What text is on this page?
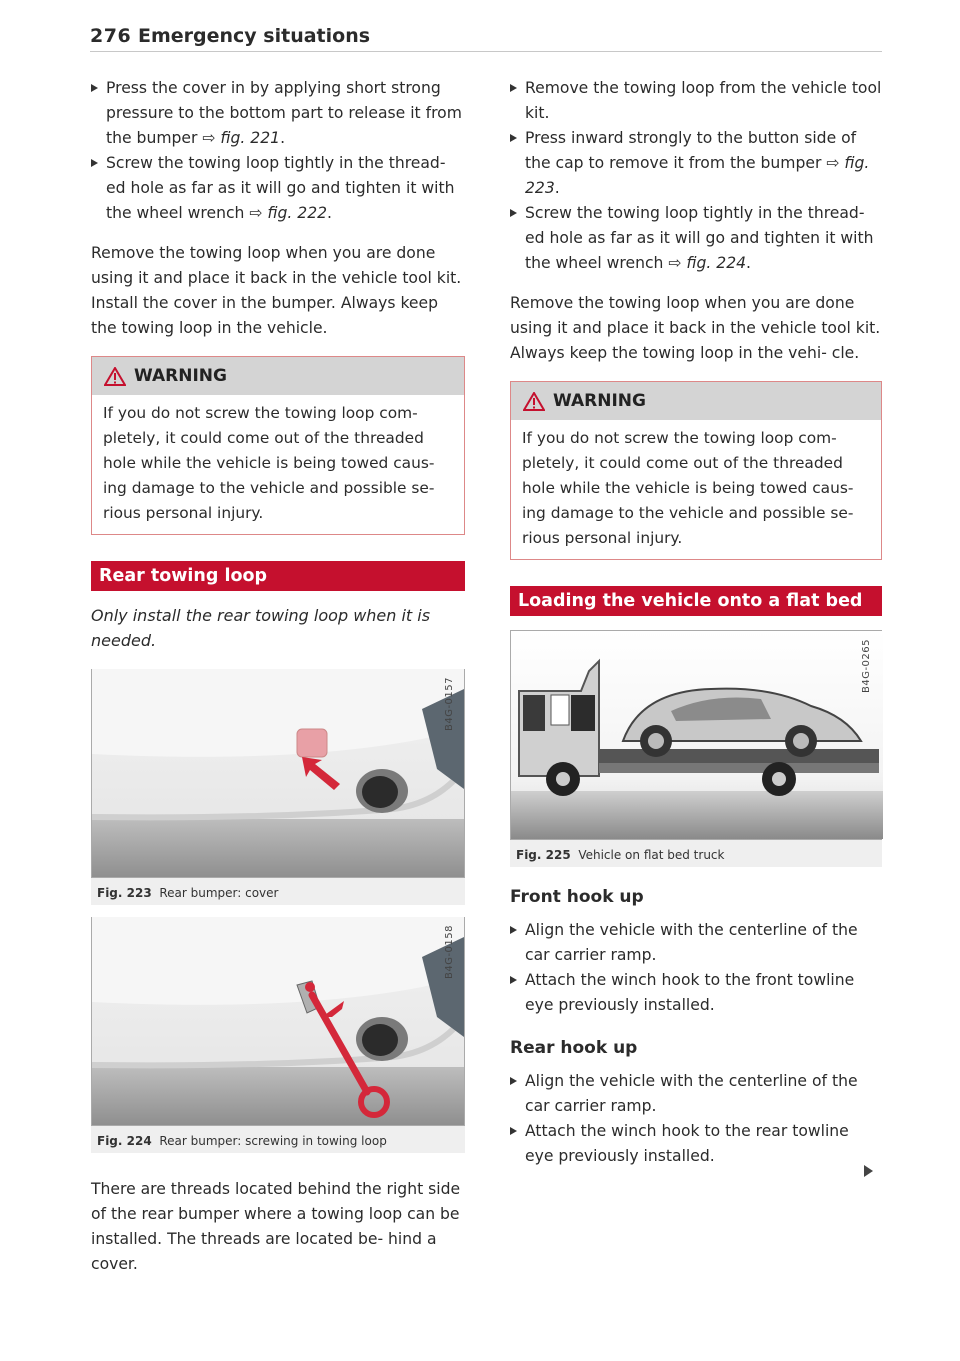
276 Emergency situations
Press the cover in by applying short strong pressure to the bottom part to release it from the bumper ⇨ fig. 221.
Screw the towing loop tightly in the thread- ed hole as far as it will go and tighten it with the wheel wrench ⇨ fig. 222.

Remove the towing loop when you are done using it and place it back in the vehicle tool kit. Install the cover in the bumper. Always keep the towing loop in the vehicle.

WARNING
If you do not screw the towing loop com- pletely, it could come out of the threaded hole while the vehicle is being towed caus- ing damage to the vehicle and possible se- rious personal injury.
Rear towing loop

Only install the rear towing loop when it is needed.

B4G-0157
Fig. 223 Rear bumper: cover
B4G-0158
Fig. 224 Rear bumper: screwing in towing loop

There are threads located behind the right side of the rear bumper where a towing loop can be installed. The threads are located be- hind a cover.

Remove the towing loop from the vehicle tool kit.
Press inward strongly to the button side of the cap to remove it from the bumper ⇨ fig. 223.
Screw the towing loop tightly in the thread- ed hole as far as it will go and tighten it with the wheel wrench ⇨ fig. 224.

Remove the towing loop when you are done using it and place it back in the vehicle tool kit. Always keep the towing loop in the vehi- cle.

WARNING
If you do not screw the towing loop com- pletely, it could come out of the threaded hole while the vehicle is being towed caus- ing damage to the vehicle and possible se- rious personal injury.
Loading the vehicle onto a flat bed
B4G-0265
Fig. 225 Vehicle on flat bed truck
Front hook up
Align the vehicle with the centerline of the car carrier ramp.
Attach the winch hook to the front towline eye previously installed.
Rear hook up
Align the vehicle with the centerline of the car carrier ramp.
Attach the winch hook to the rear towline eye previously installed.
